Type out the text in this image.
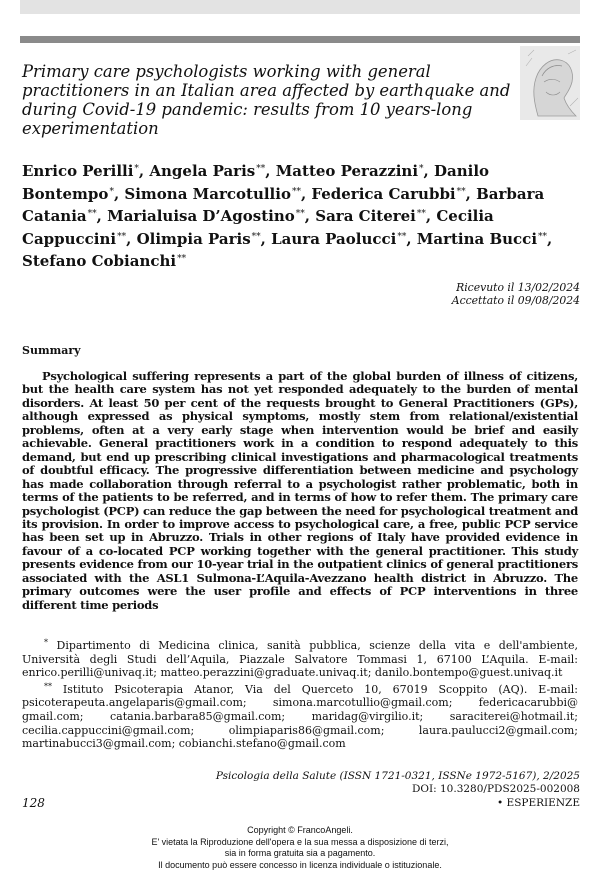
Primary care psychologists working with general practitioners in an Italian area affected by earthquake and during Covid-19 pandemic: results from 10 years-long experimentation

Enrico Perilli*, Angela Paris**, Matteo Perazzini*, Danilo Bontempo*, Simona Marcotullio**, Federica Carubbi**, Barbara Catania**, Marialuisa D’Agostino**, Sara Citerei**, Cecilia Cappuccini**, Olimpia Paris**, Laura Paolucci**, Martina Bucci**, Stefano Cobianchi**

Ricevuto il 13/02/2024
Accettato il 09/08/2024
Summary

Psychological suffering represents a part of the global burden of illness of citizens, but the health care system has not yet responded adequately to the burden of mental disorders. At least 50 per cent of the requests brought to General Practitioners (GPs), although expressed as physical symptoms, mostly stem from relational/existential problems, often at a very early stage when intervention would be brief and easily achievable. General practitioners work in a condition to respond adequately to this demand, but end up prescribing clinical investigations and pharmacological treatments of doubtful efficacy. The progressive differentiation between medicine and psychology has made collaboration through referral to a psychologist rather problematic, both in terms of the patients to be referred, and in terms of how to refer them. The primary care psychologist (PCP) can reduce the gap between the need for psychological treatment and its provision. In order to improve access to psychological care, a free, public PCP service has been set up in Abruzzo. Trials in other regions of Italy have provided evidence in favour of a co-located PCP working together with the general practitioner. This study presents evidence from our 10-year trial in the outpatient clinics of general practitioners associated with the ASL1 Sulmona-L’Aquila-Avezzano health district in Abruzzo. The primary outcomes were the user profile and effects of PCP interventions in three different time periods

* Dipartimento di Medicina clinica, sanità pubblica, scienze della vita e dell'ambiente, Università degli Studi dell’Aquila, Piazzale Salvatore Tommasi 1, 67100 L’Aquila. E-mail: enrico.perilli@univaq.it; matteo.perazzini@graduate.univaq.it; danilo.bontempo@guest.univaq.it

** Istituto Psicoterapia Atanor, Via del Querceto 10, 67019 Scoppito (AQ). E-mail: psicoterapeuta.angelaparis@gmail.com; simona.marcotullio@gmail.com; federicacarubbi@ gmail.com; catania.barbara85@gmail.com; maridag@virgilio.it; saraciterei@hotmail.it; cecilia.cappuccini@gmail.com; olimpiaparis86@gmail.com; laura.paulucci2@gmail.com; martinabucci3@gmail.com; cobianchi.stefano@gmail.com

Psicologia della Salute (ISSN 1721-0321, ISSNe 1972-5167), 2/2025
DOI: 10.3280/PDS2025-002008
128	• ESPERIENZE
Copyright © FrancoAngeli.
E' vietata la Riproduzione dell'opera e la sua messa a disposizione di terzi,
sia in forma gratuita sia a pagamento.
Il documento può essere concesso in licenza individuale o istituzionale.
